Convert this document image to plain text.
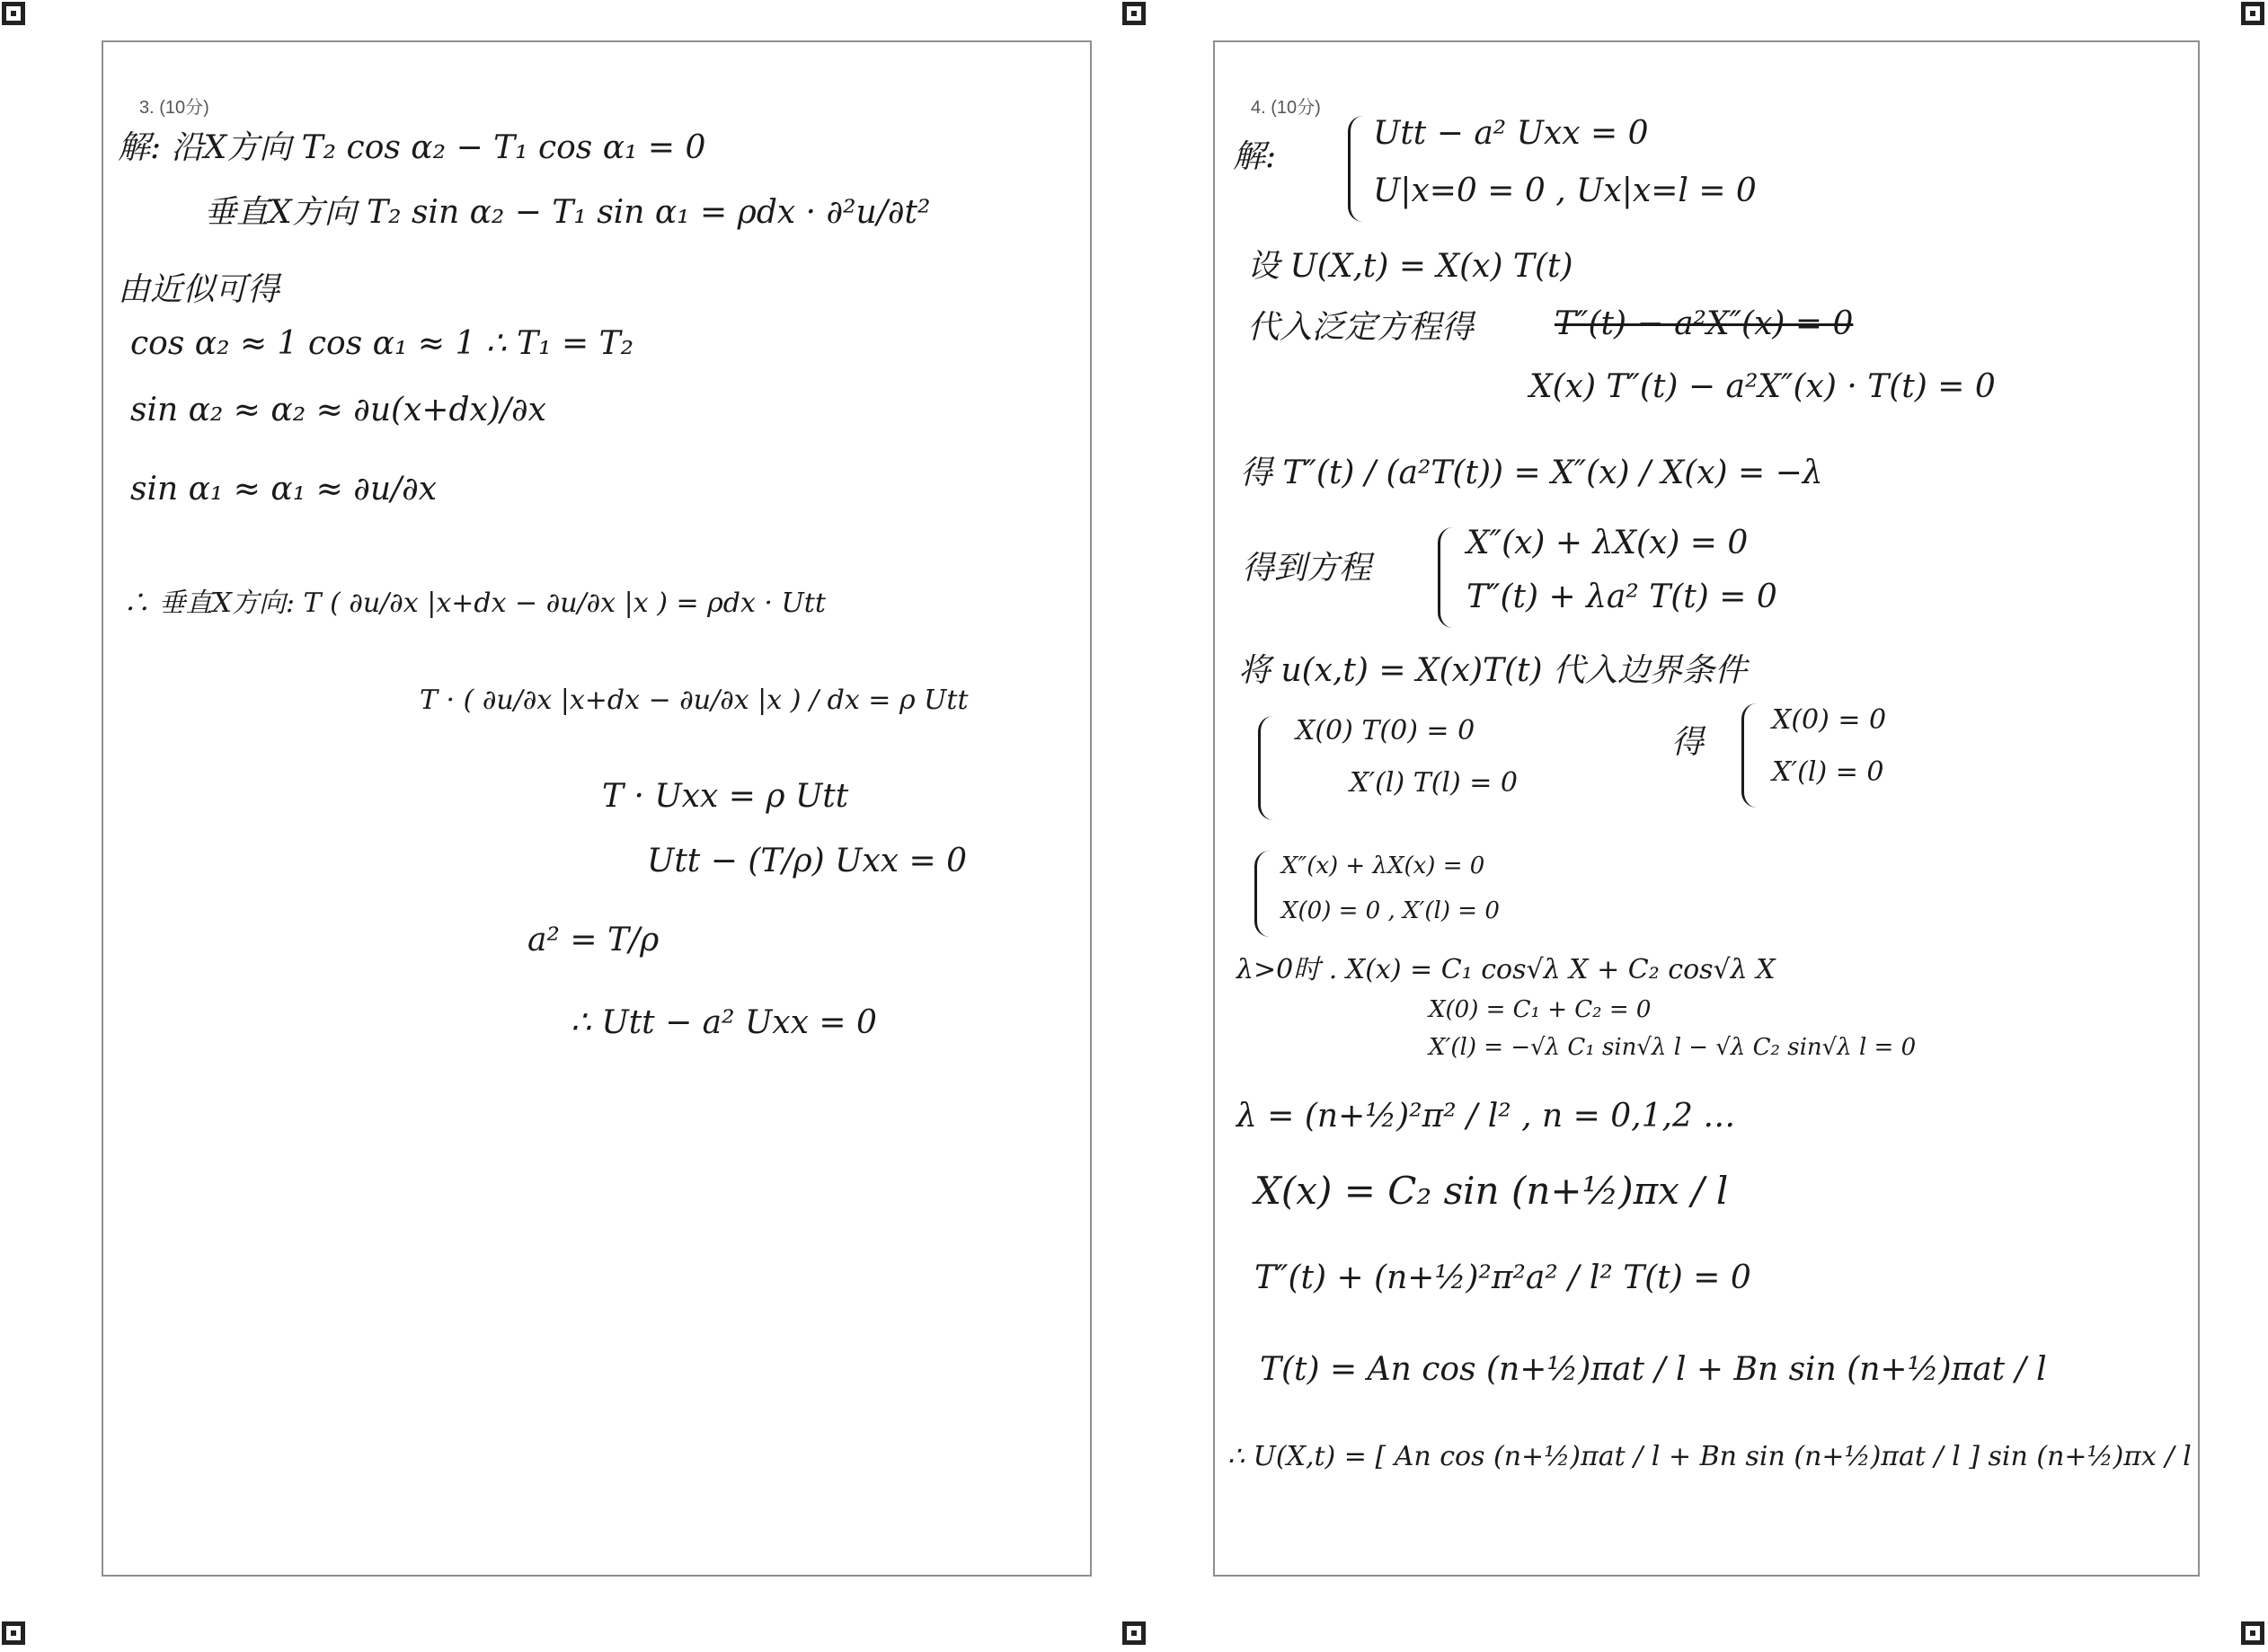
3. (10分)
解: 沿X方向 T₂ cos α₂ − T₁ cos α₁ = 0
垂直X方向 T₂ sin α₂ − T₁ sin α₁ = ρdx · ∂²u/∂t²
由近似可得
cos α₂ ≈ 1 cos α₁ ≈ 1 ∴ T₁ = T₂
sin α₂ ≈ α₂ ≈ ∂u(x+dx)/∂x
sin α₁ ≈ α₁ ≈ ∂u/∂x
∴ 垂直X方向: T ( ∂u/∂x |x+dx − ∂u/∂x |x ) = ρdx · Utt
T · ( ∂u/∂x |x+dx − ∂u/∂x |x ) / dx = ρ Utt
T · Uxx = ρ Utt
Utt − (T/ρ) Uxx = 0
a² = T/ρ
∴ Utt − a² Uxx = 0
4. (10分)
解:
Utt − a² Uxx = 0
U|x=0 = 0 , Ux|x=l = 0
设 U(X,t) = X(x) T(t)
代入泛定方程得 T″(t) − a²X″(x) = 0
X(x) T″(t) − a²X″(x) · T(t) = 0
得 T″(t) / (a²T(t)) = X″(x) / X(x) = −λ
得到方程
X″(x) + λX(x) = 0
T″(t) + λa² T(t) = 0
将 u(x,t) = X(x)T(t) 代入边界条件
X(0) T(0) = 0
X′(l) T(l) = 0
得
X(0) = 0
X′(l) = 0
X″(x) + λX(x) = 0
X(0) = 0 , X′(l) = 0
λ>0时 . X(x) = C₁ cos√λ X + C₂ cos√λ X
X(0) = C₁ + C₂ = 0
X′(l) = −√λ C₁ sin√λ l − √λ C₂ sin√λ l = 0
λ = (n+½)²π² / l² , n = 0,1,2 …
X(x) = C₂ sin (n+½)πx / l
T″(t) + (n+½)²π²a² / l² T(t) = 0
T(t) = An cos (n+½)πat / l + Bn sin (n+½)πat / l
∴ U(X,t) = [ An cos (n+½)πat / l + Bn sin (n+½)πat / l ] sin (n+½)πx / l
